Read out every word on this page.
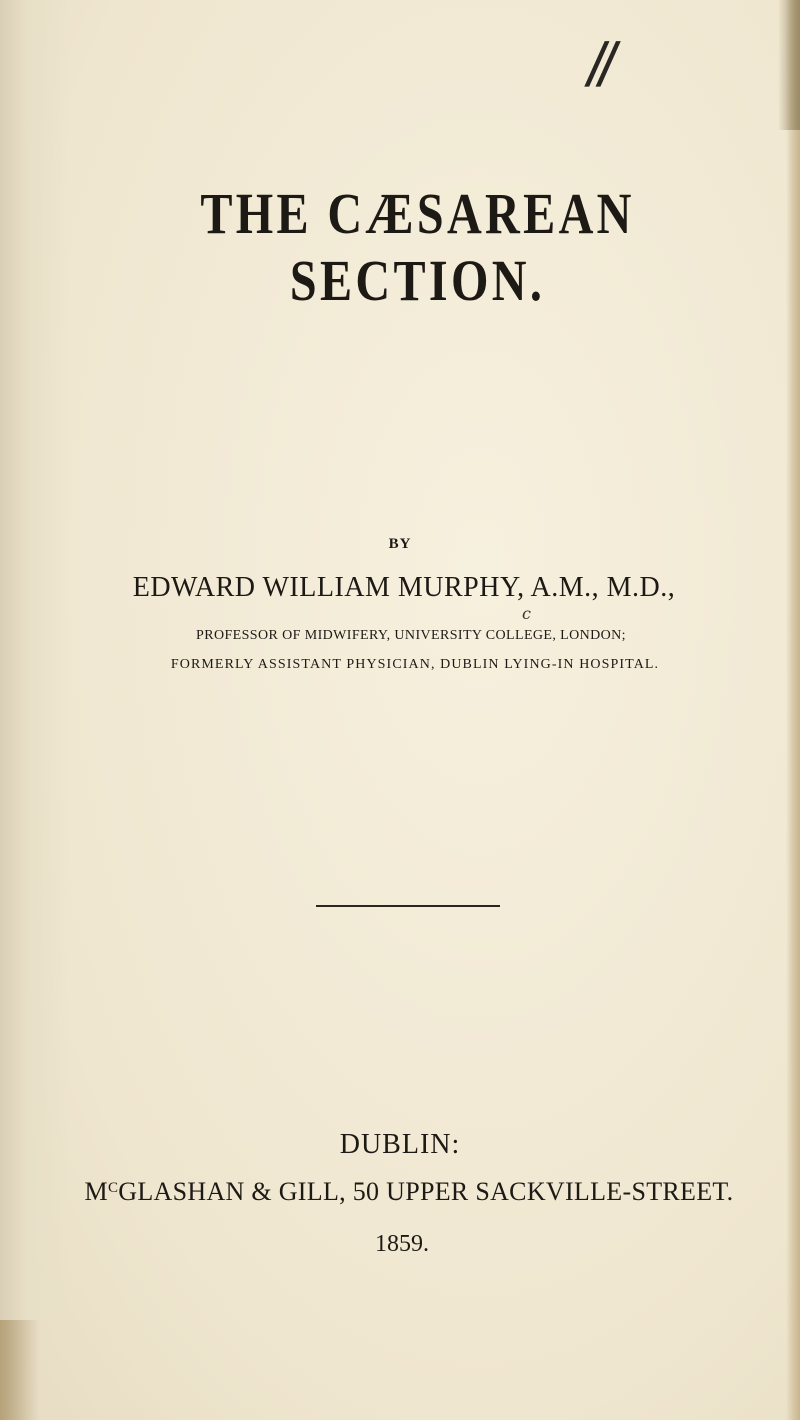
//
THE CÆSAREAN SECTION.
BY
EDWARD WILLIAM MURPHY, A.M., M.D.,
c
PROFESSOR OF MIDWIFERY, UNIVERSITY COLLEGE, LONDON;
FORMERLY ASSISTANT PHYSICIAN, DUBLIN LYING-IN HOSPITAL.
DUBLIN:
$M^CGLASHAN$ & GILL, 50 UPPER SACKVILLE-STREET.
1859.
